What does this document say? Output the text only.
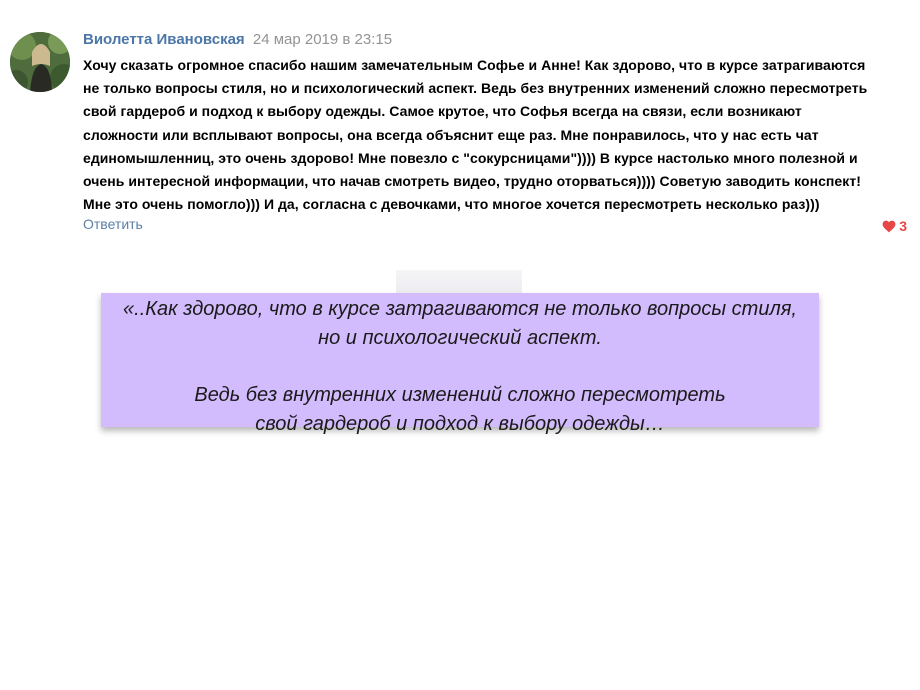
Виолетта Ивановская 24 мар 2019 в 23:15
Хочу сказать огромное спасибо нашим замечательным Софье и Анне! Как здорово, что в курсе затрагиваются
не только вопросы стиля, но и психологический аспект. Ведь без внутренних изменений сложно пересмотреть
свой гардероб и подход к выбору одежды. Самое крутое, что Софья всегда на связи, если возникают
сложности или всплывают вопросы, она всегда объяснит еще раз. Мне понравилось, что у нас есть чат
единомышленниц, это очень здорово! Мне повезло с "сокурсницами")))) В курсе настолько много полезной и
очень интересной информации, что начав смотреть видео, трудно оторваться)))) Советую заводить конспект!
Мне это очень помогло))) И да, согласна с девочками, что многое хочется пересмотреть несколько раз)))
Ответить	3
«..Как здорово, что в курсе затрагиваются не только вопросы стиля,
но и психологический аспект.
Ведь без внутренних изменений сложно пересмотреть
свой гардероб и подход к выбору одежды…
